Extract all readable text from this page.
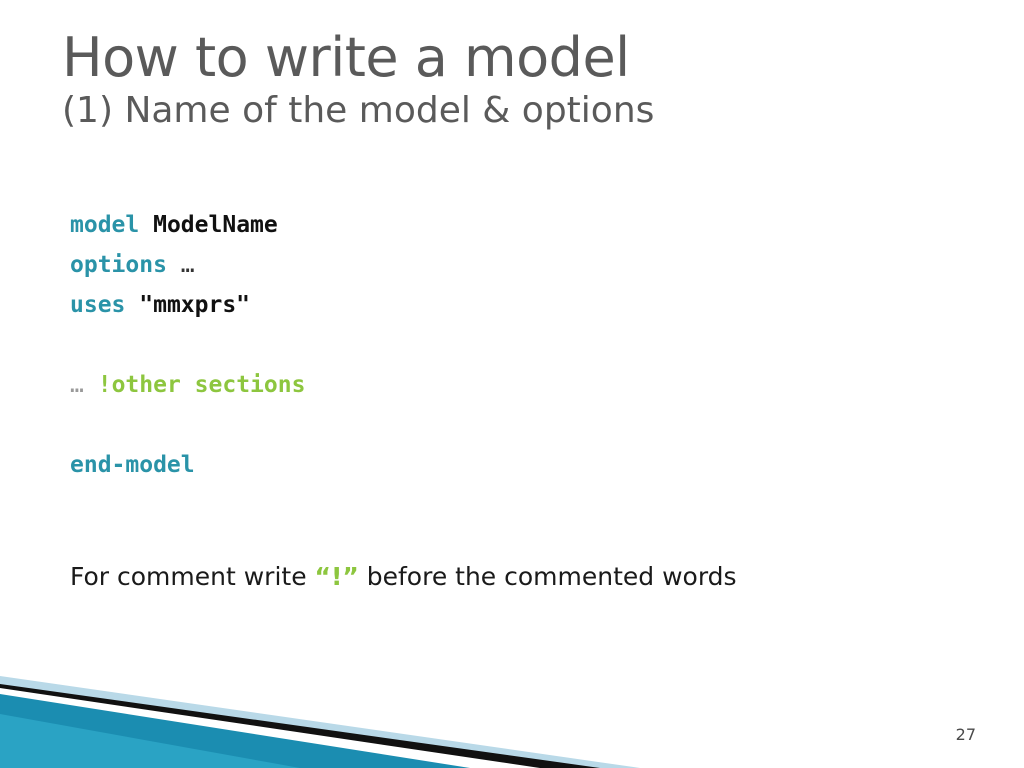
How to write a model
(1) Name of the model & options
model ModelName
options …
uses "mmxprs"
… !other sections
end-model
For comment write “!” before the commented words
27
